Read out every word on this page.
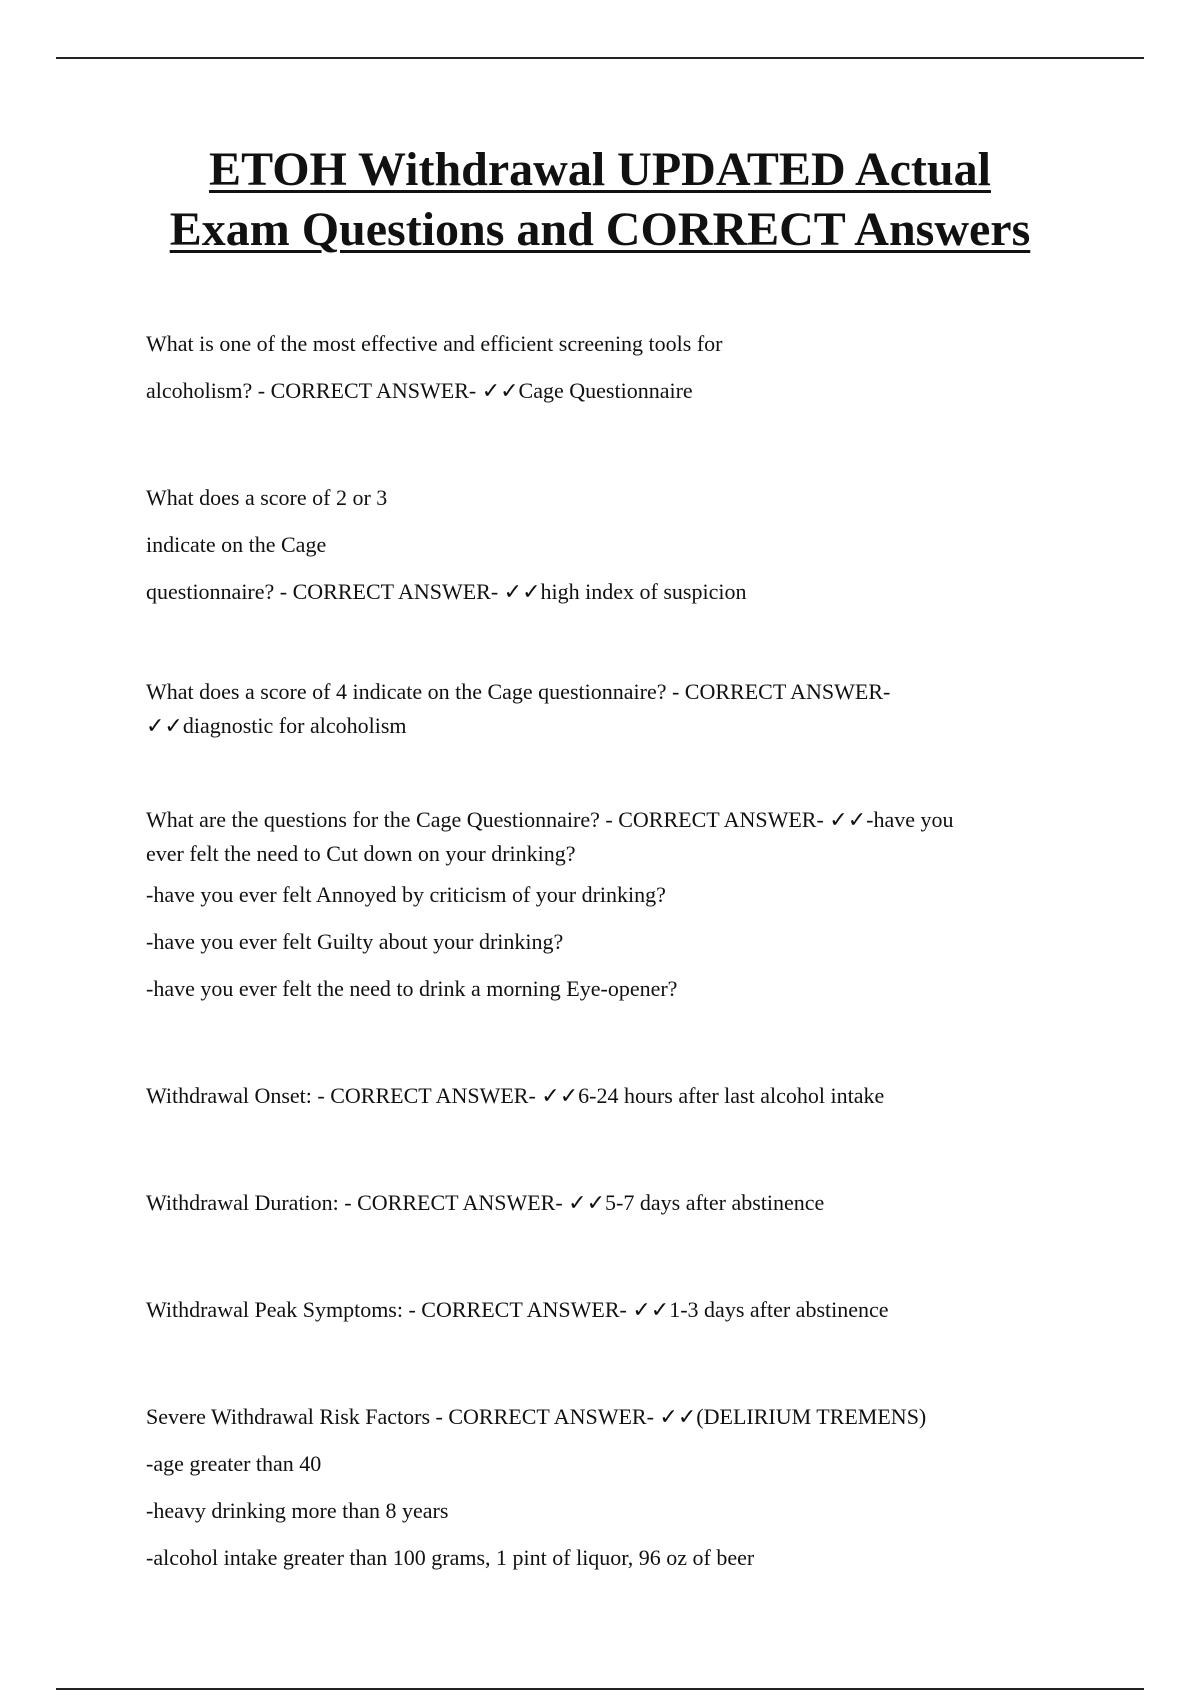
ETOH Withdrawal UPDATED Actual
Exam Questions and CORRECT Answers

What is one of the most effective and efficient screening tools for

alcoholism? - CORRECT ANSWER- ✓✓Cage Questionnaire

What does a score of 2 or 3

indicate on the Cage

questionnaire? - CORRECT ANSWER- ✓✓high index of suspicion

What does a score of 4 indicate on the Cage questionnaire? - CORRECT ANSWER-

✓✓diagnostic for alcoholism

What are the questions for the Cage Questionnaire? - CORRECT ANSWER- ✓✓-have you

ever felt the need to Cut down on your drinking?

-have you ever felt Annoyed by criticism of your drinking?

-have you ever felt Guilty about your drinking?

-have you ever felt the need to drink a morning Eye-opener?

Withdrawal Onset: - CORRECT ANSWER- ✓✓6-24 hours after last alcohol intake

Withdrawal Duration: - CORRECT ANSWER- ✓✓5-7 days after abstinence

Withdrawal Peak Symptoms: - CORRECT ANSWER- ✓✓1-3 days after abstinence

Severe Withdrawal Risk Factors - CORRECT ANSWER- ✓✓(DELIRIUM TREMENS)

-age greater than 40

-heavy drinking more than 8 years

-alcohol intake greater than 100 grams, 1 pint of liquor, 96 oz of beer
